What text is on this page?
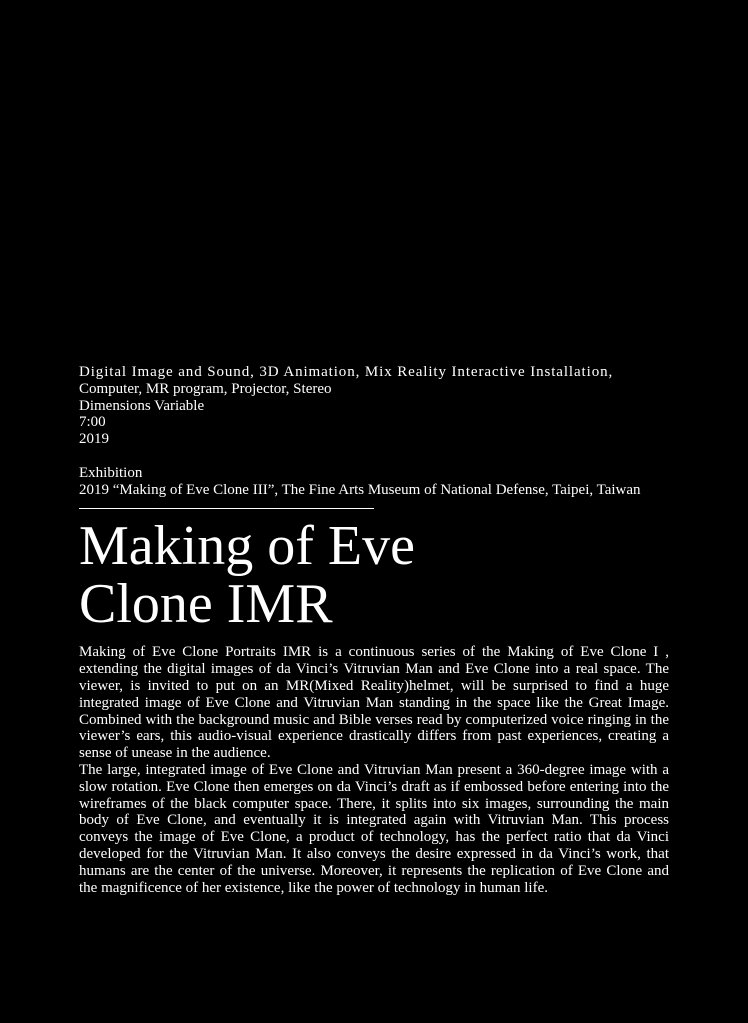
Digital Image and Sound, 3D Animation, Mix Reality Interactive Installation,
Computer, MR program, Projector, Stereo
Dimensions Variable
7:00
2019
Exhibition
2019 “Making of Eve Clone III”, The Fine Arts Museum of National Defense, Taipei, Taiwan
Making of Eve
Clone IMR

Making of Eve Clone Portraits IMR is a continuous series of the Making of Eve Clone I , extending the digital images of da Vinci’s Vitruvian Man and Eve Clone into a real space. The viewer, is invited to put on an MR(Mixed Reality)helmet, will be surprised to find a huge integrated image of Eve Clone and Vitruvian Man standing in the space like the Great Image. Combined with the background music and Bible verses read by computerized voice ringing in the viewer’s ears, this audio-visual experience drastically differs from past experiences, creating a sense of unease in the audience.

The large, integrated image of Eve Clone and Vitruvian Man present a 360-degree image with a slow rotation. Eve Clone then emerges on da Vinci’s draft as if embossed before entering into the wireframes of the black computer space. There, it splits into six images, surrounding the main body of Eve Clone, and eventually it is integrated again with Vitruvian Man. This process conveys the image of Eve Clone, a product of technology, has the perfect ratio that da Vinci developed for the Vitruvian Man. It also conveys the desire expressed in da Vinci’s work, that humans are the center of the universe. Moreover, it represents the replication of Eve Clone and the magnificence of her existence, like the power of technology in human life.
